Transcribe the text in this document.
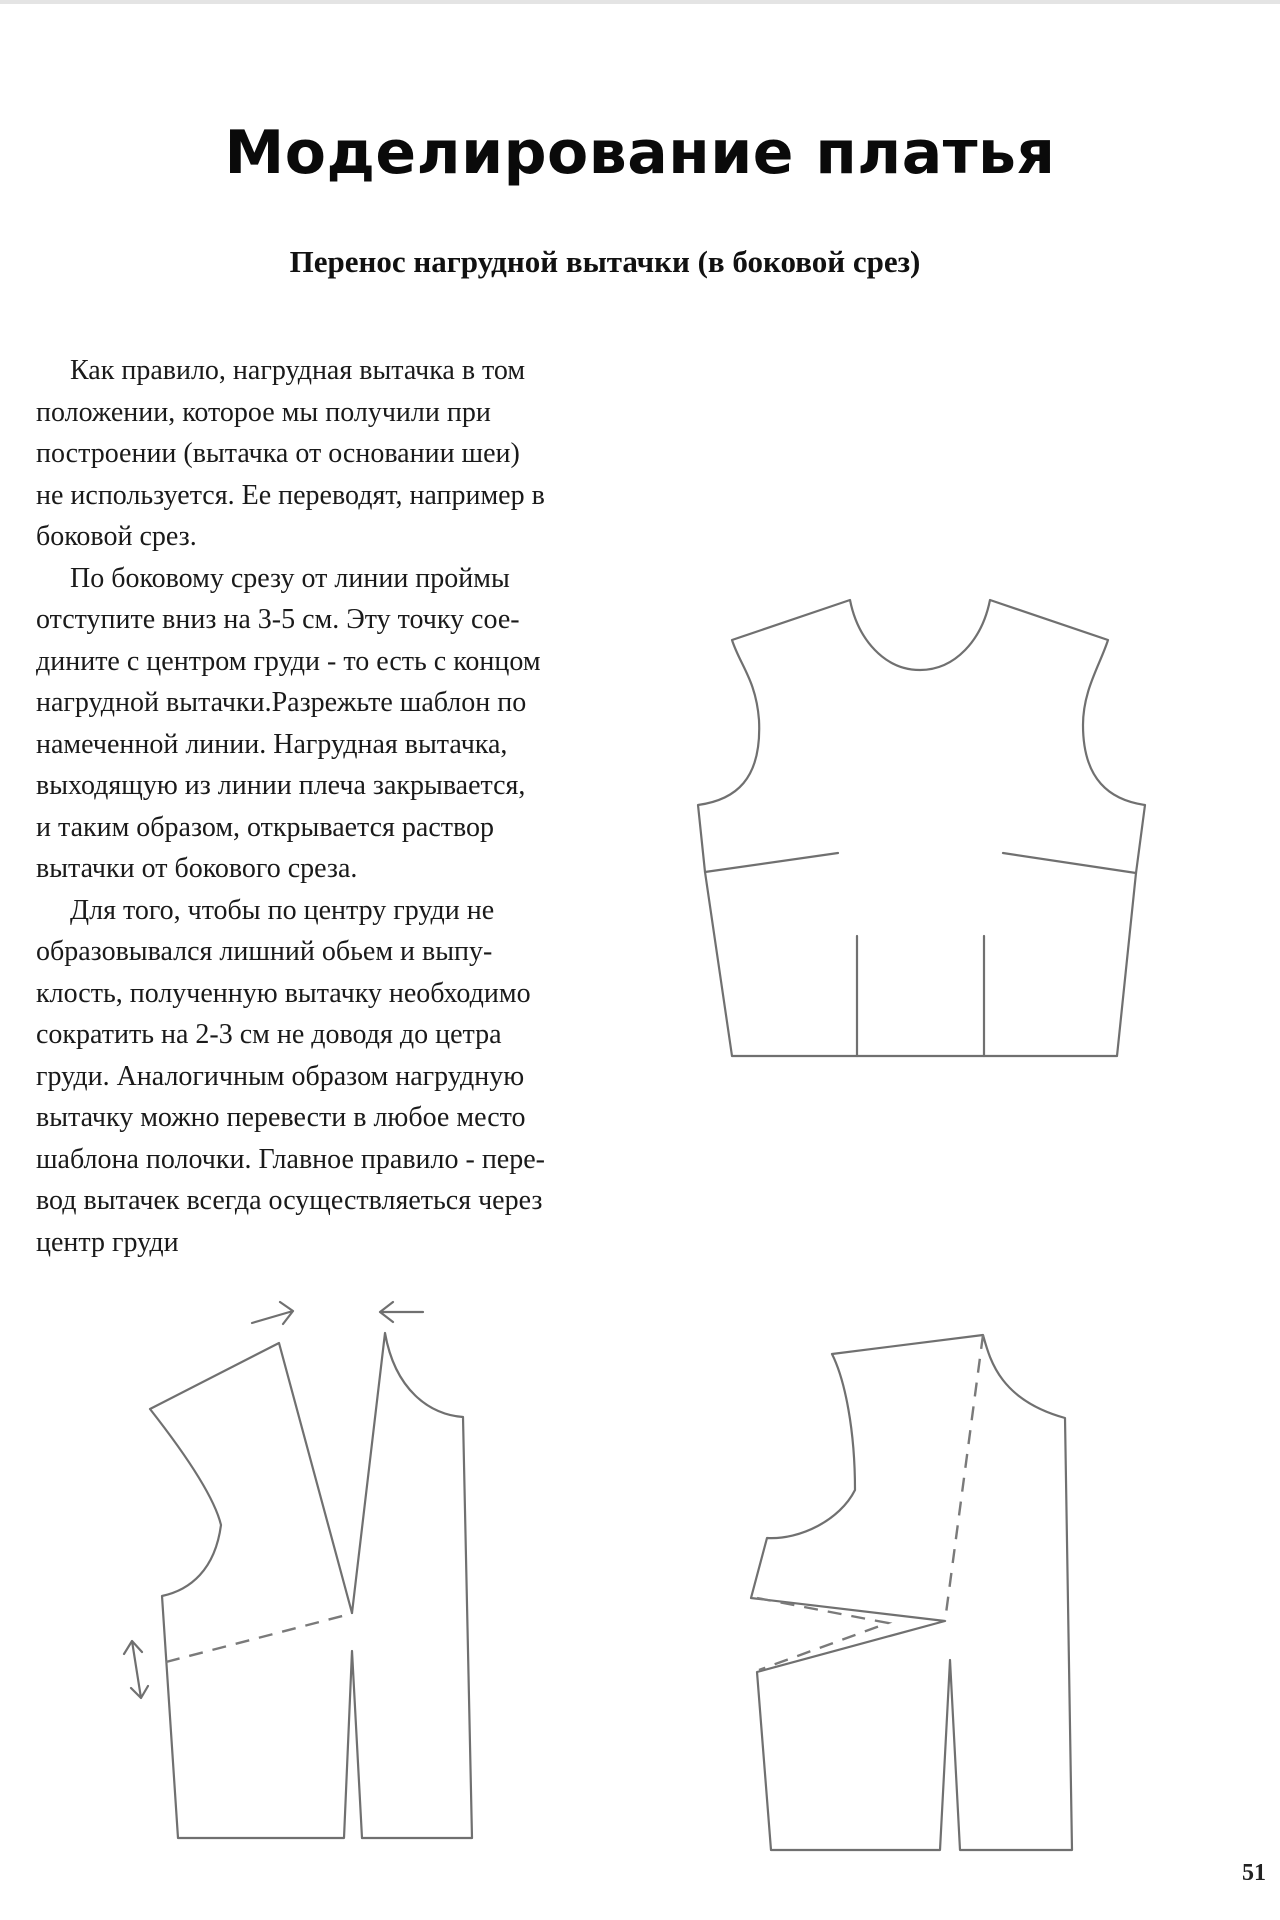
Моделирование платья
Перенос нагрудной вытачки (в боковой срез)
Как правило, нагрудная вытачка в том
положении, которое мы получили при
построении (вытачка от основании шеи)
не используется. Ее переводят, например в
боковой срез.
По боковому срезу от линии проймы
отступите вниз на 3-5 см. Эту точку сое-
дините с центром груди - то есть с концом
нагрудной вытачки.Разрежьте шаблон по
намеченной линии. Нагрудная вытачка,
выходящую из линии плеча закрывается,
и таким образом, открывается раствор
вытачки от бокового среза.
Для того, чтобы по центру груди не
образовывался лишний обьем и выпу-
клость, полученную вытачку необходимо
сократить на 2-3 см не доводя до цетра
груди. Аналогичным образом нагрудную
вытачку можно перевести в любое место
шаблона полочки. Главное правило - пере-
вод вытачек всегда осуществляеться через
центр груди
51
